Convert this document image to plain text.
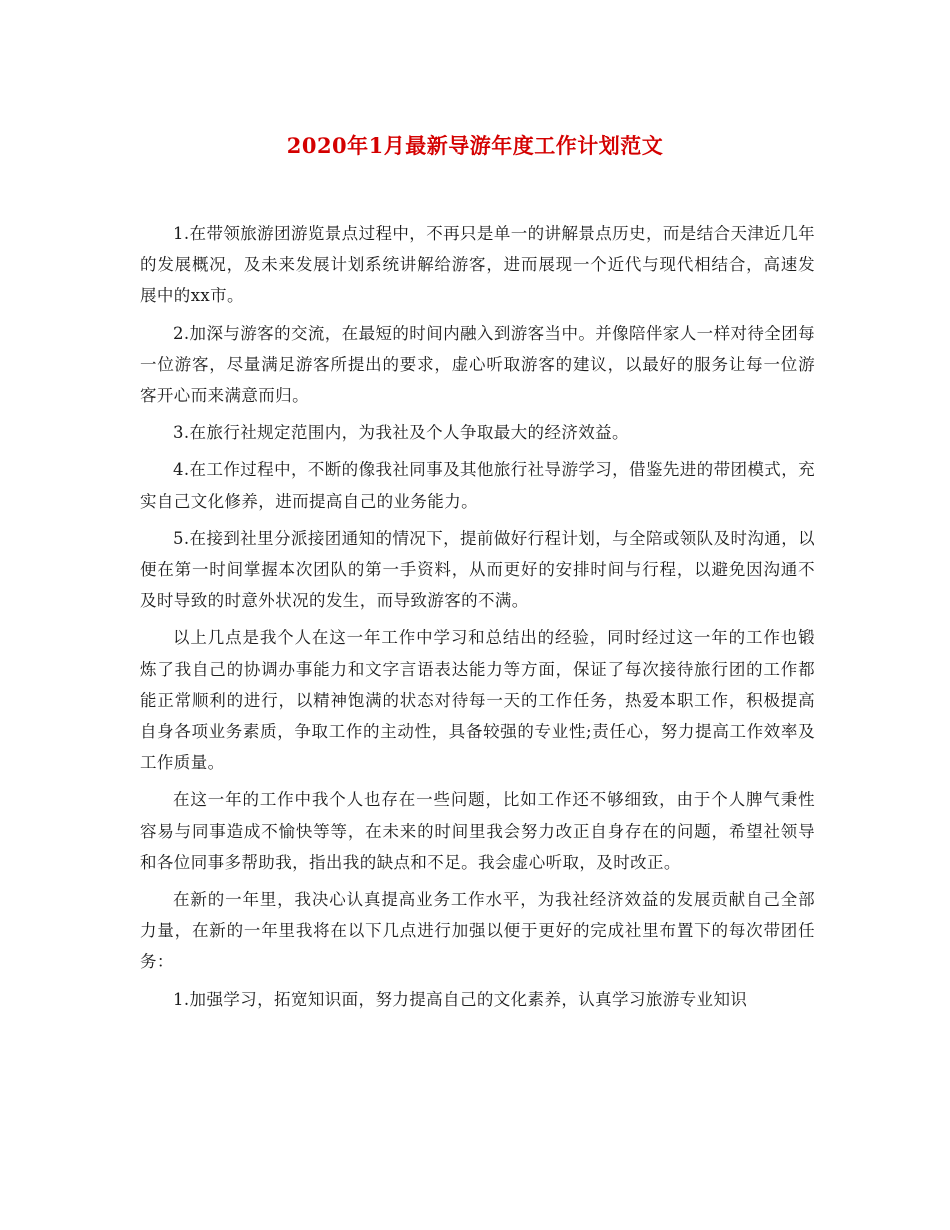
2020年1月最新导游年度工作计划范文

1.在带领旅游团游览景点过程中，不再只是单一的讲解景点历史，而是结合天津近几年的发展概况，及未来发展计划系统讲解给游客，进而展现一个近代与现代相结合，高速发展中的xx市。

2.加深与游客的交流，在最短的时间内融入到游客当中。并像陪伴家人一样对待全团每一位游客，尽量满足游客所提出的要求，虚心听取游客的建议，以最好的服务让每一位游客开心而来满意而归。

3.在旅行社规定范围内，为我社及个人争取最大的经济效益。

4.在工作过程中，不断的像我社同事及其他旅行社导游学习，借鉴先进的带团模式，充实自己文化修养，进而提高自己的业务能力。

5.在接到社里分派接团通知的情况下，提前做好行程计划，与全陪或领队及时沟通，以便在第一时间掌握本次团队的第一手资料，从而更好的安排时间与行程，以避免因沟通不及时导致的时意外状况的发生，而导致游客的不满。

以上几点是我个人在这一年工作中学习和总结出的经验，同时经过这一年的工作也锻炼了我自己的协调办事能力和文字言语表达能力等方面，保证了每次接待旅行团的工作都能正常顺利的进行，以精神饱满的状态对待每一天的工作任务，热爱本职工作，积极提高自身各项业务素质，争取工作的主动性，具备较强的专业性;责任心，努力提高工作效率及工作质量。

在这一年的工作中我个人也存在一些问题，比如工作还不够细致，由于个人脾气秉性容易与同事造成不愉快等等，在未来的时间里我会努力改正自身存在的问题，希望社领导和各位同事多帮助我，指出我的缺点和不足。我会虚心听取，及时改正。

在新的一年里，我决心认真提高业务工作水平，为我社经济效益的发展贡献自己全部力量，在新的一年里我将在以下几点进行加强以便于更好的完成社里布置下的每次带团任务：

1.加强学习，拓宽知识面，努力提高自己的文化素养，认真学习旅游专业知识
